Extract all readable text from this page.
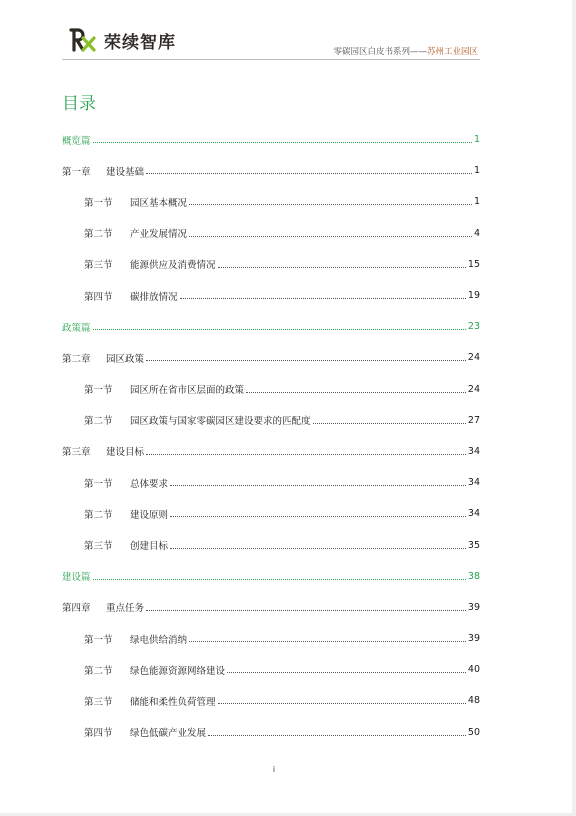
荣续智库	零碳园区白皮书系列——苏州工业园区
目录
概览篇	1
第一章	建设基础	1
第一节	园区基本概况	1
第二节	产业发展情况	4
第三节	能源供应及消费情况	15
第四节	碳排放情况	19
政策篇	23
第二章	园区政策	24
第一节	园区所在省市区层面的政策	24
第二节	园区政策与国家零碳园区建设要求的匹配度	27
第三章	建设目标	34
第一节	总体要求	34
第二节	建设原则	34
第三节	创建目标	35
建设篇	38
第四章	重点任务	39
第一节	绿电供给消纳	39
第二节	绿色能源资源网络建设	40
第三节	储能和柔性负荷管理	48
第四节	绿色低碳产业发展	50
i
